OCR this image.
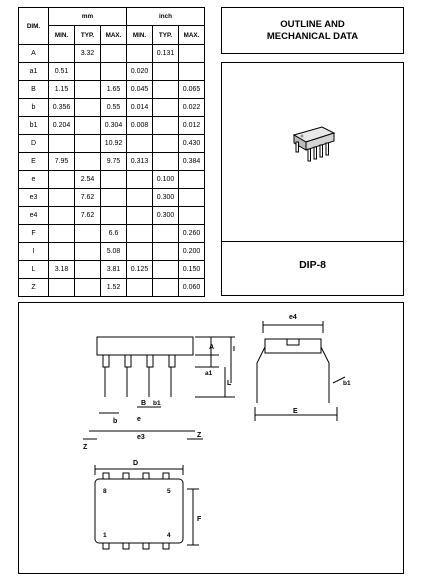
DIM.	mm			inch		
	MIN.	TYP.	MAX.	MIN.	TYP.	MAX.
A		3.32			0.131	
a1	0.51			0.020		
B	1.15		1.65	0.045		0.065
b	0.356		0.55	0.014		0.022
b1	0.204		0.304	0.008		0.012
D			10.92			0.430
E	7.95		9.75	0.313		0.384
e		2.54			0.100	
e3		7.62			0.300	
e4		7.62			0.300	
F			6.6			0.260
I			5.08			0.200
L	3.18		3.81	0.125		0.150
Z			1.52			0.060
OUTLINE AND
MECHANICAL DATA
DIP-8
A	I
a1
L
b
B b1
e
e3
Z
Z
e4
b1
E
D
F
8	5
1	4
